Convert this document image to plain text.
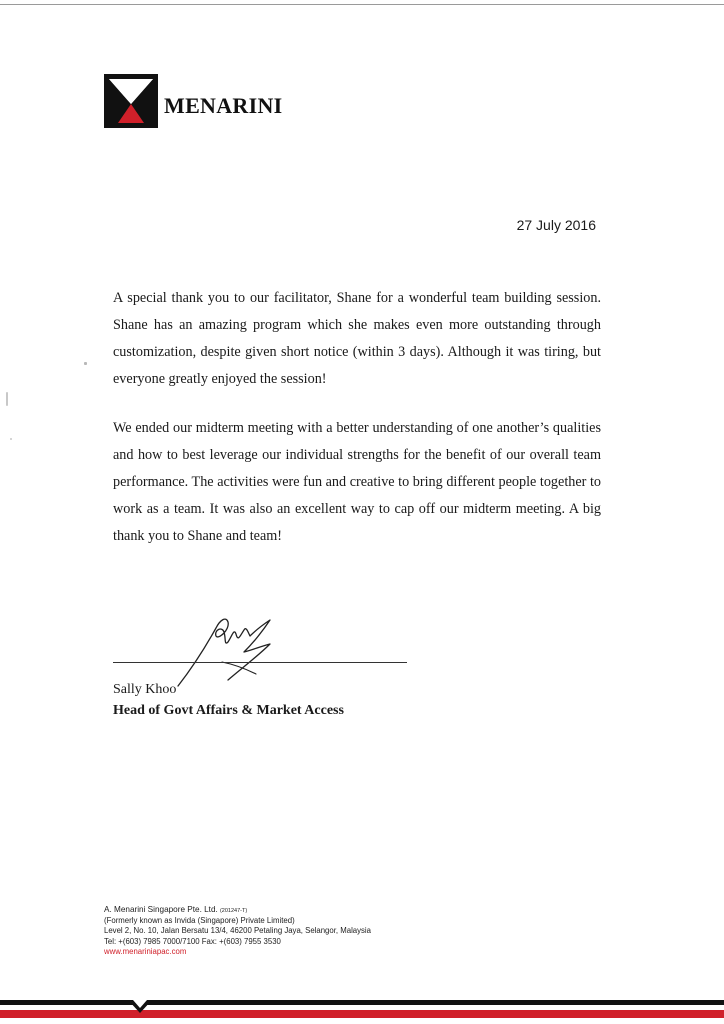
MENARINI
27 July 2016

A special thank you to our facilitator, Shane for a wonderful team building session. Shane has an amazing program which she makes even more outstanding through customization, despite given short notice (within 3 days). Although it was tiring, but everyone greatly enjoyed the session!

We ended our midterm meeting with a better understanding of one another’s qualities and how to best leverage our individual strengths for the benefit of our overall team performance. The activities were fun and creative to bring different people together to work as a team. It was also an excellent way to cap off our midterm meeting. A big thank you to Shane and team!

Sally Khoo
Head of Govt Affairs & Market Access
A. Menarini Singapore Pte. Ltd. (201247-T)
(Formerly known as Invida (Singapore) Private Limited)
Level 2, No. 10, Jalan Bersatu 13/4, 46200 Petaling Jaya, Selangor, Malaysia
Tel: +(603) 7985 7000/7100 Fax: +(603) 7955 3530
www.menariniapac.com
